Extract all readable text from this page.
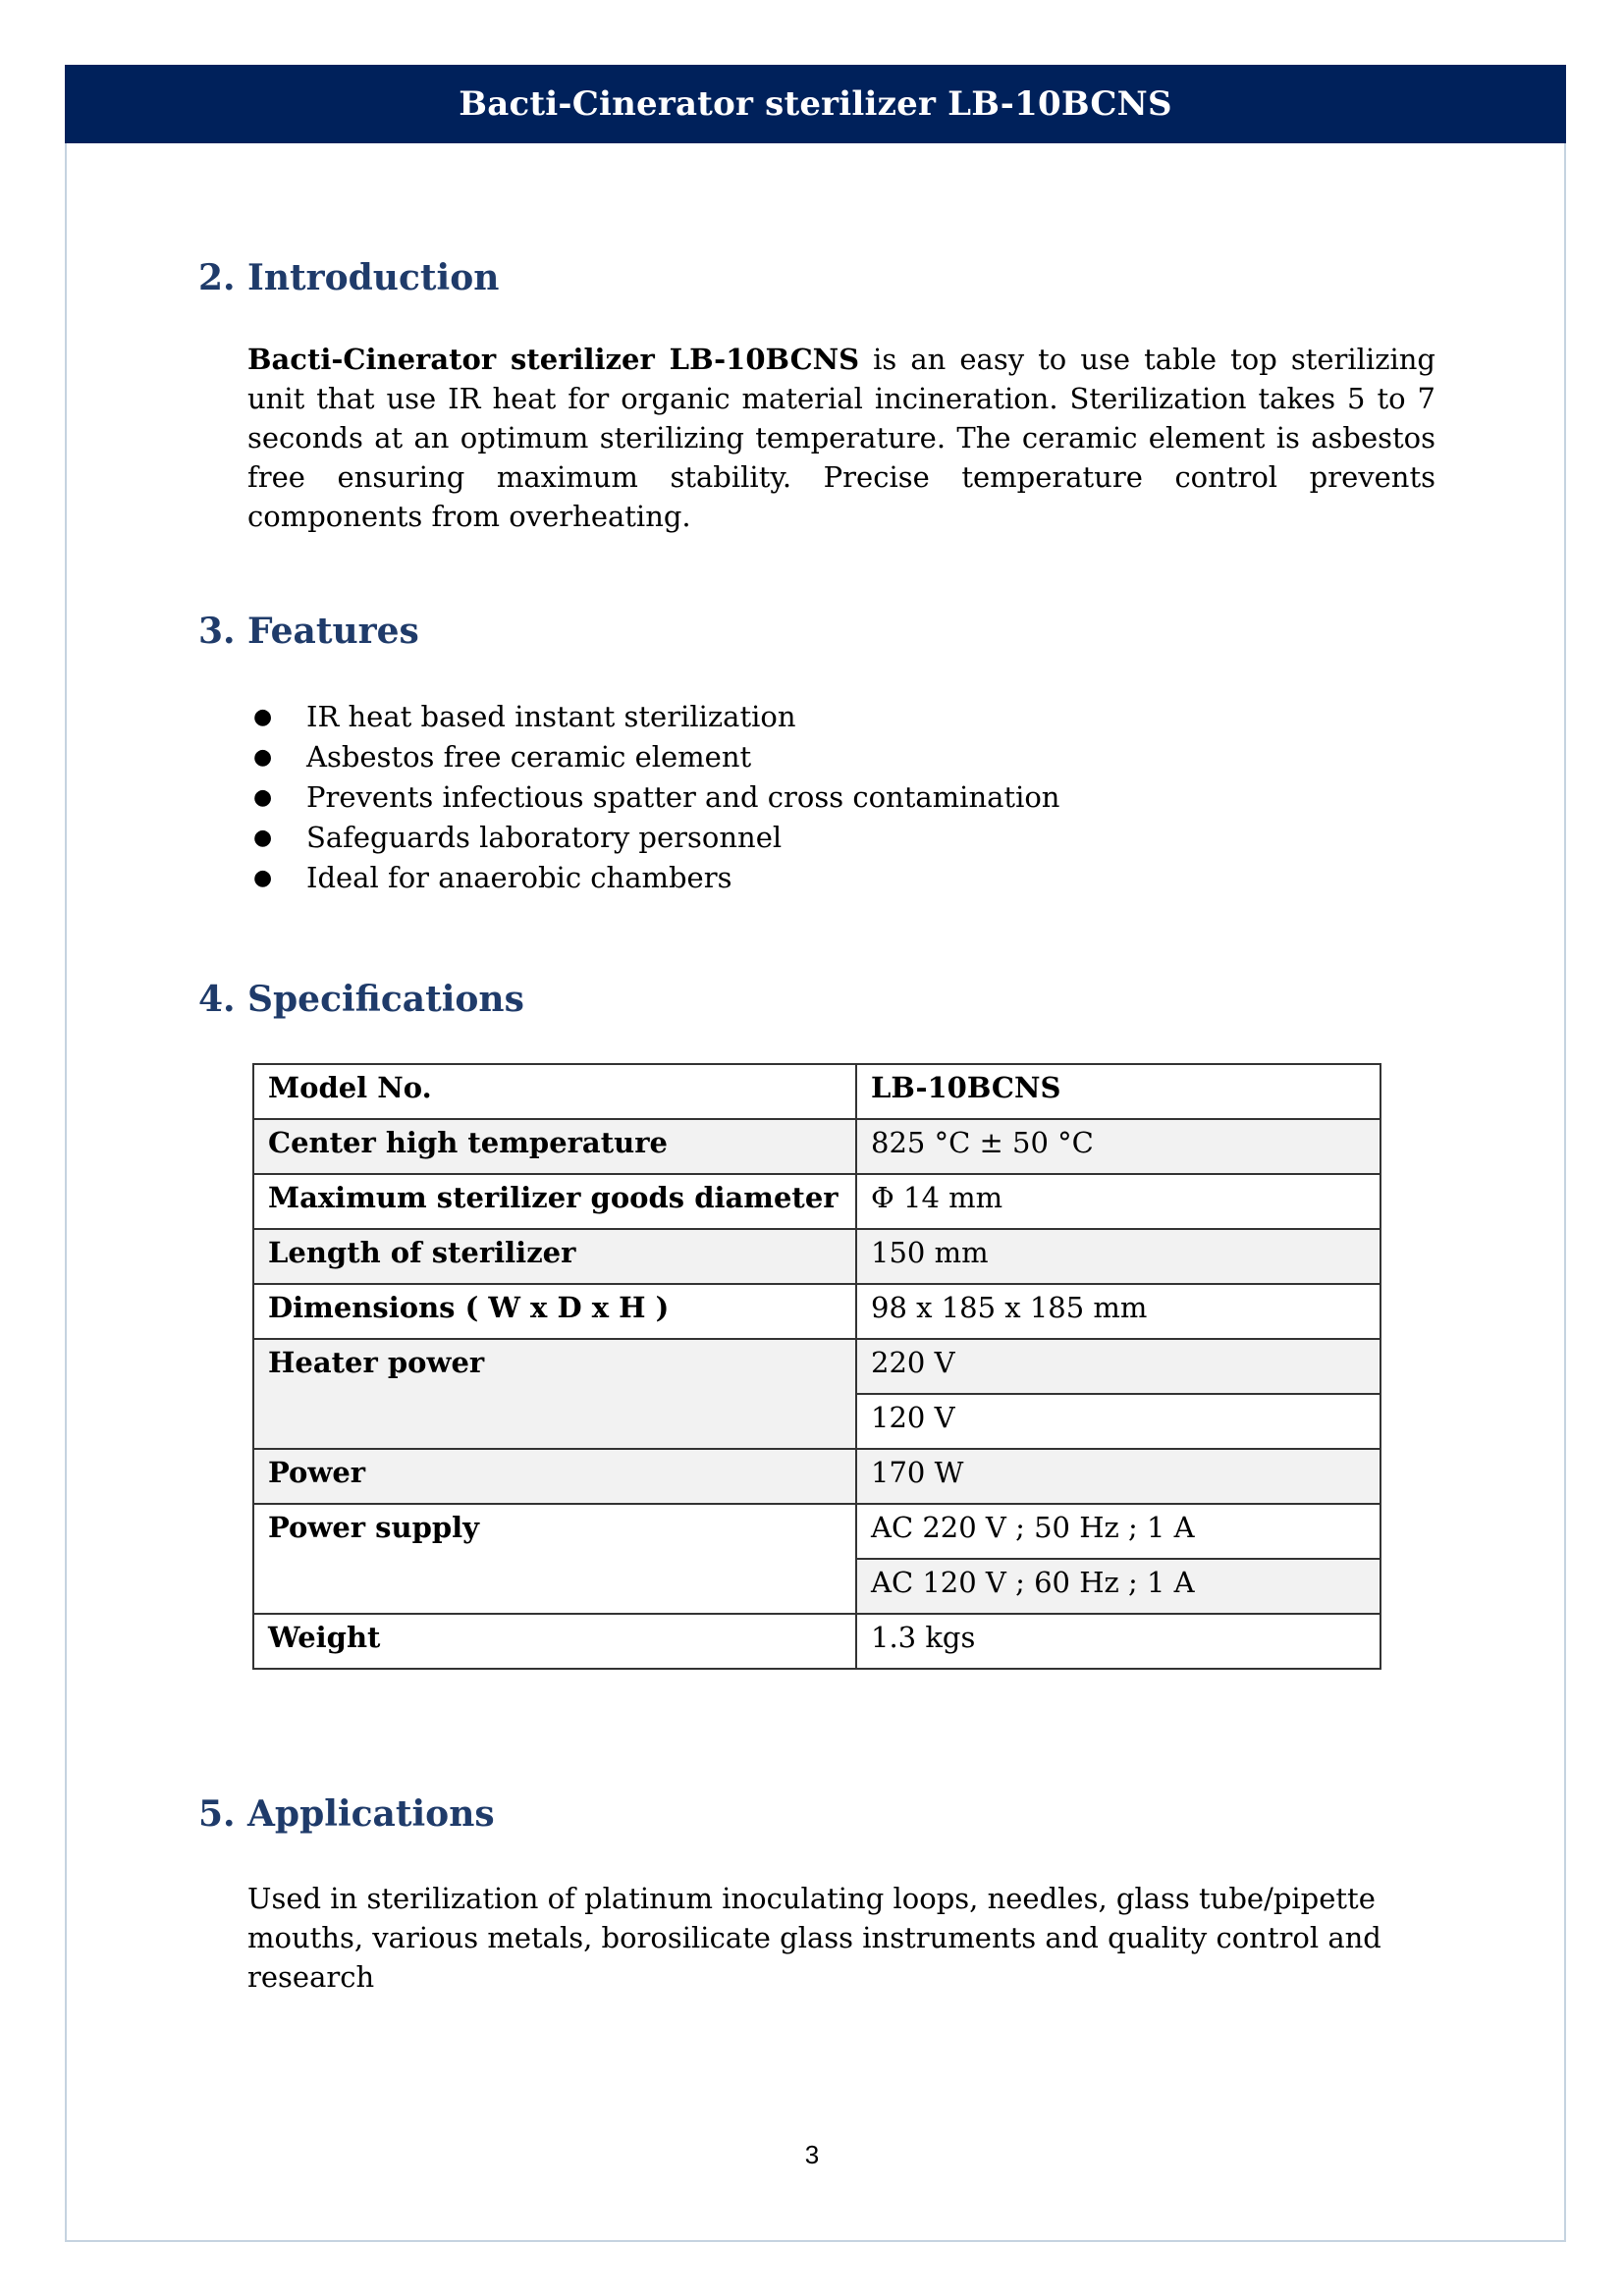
Bacti-Cinerator sterilizer LB-10BCNS
2. Introduction

Bacti-Cinerator sterilizer LB-10BCNS is an easy to use table top sterilizing unit that use IR heat for organic material incineration. Sterilization takes 5 to 7 seconds at an optimum sterilizing temperature. The ceramic element is asbestos free ensuring maximum stability. Precise temperature control prevents components from overheating.

3. Features
●	IR heat based instant sterilization
●	Asbestos free ceramic element
●	Prevents infectious spatter and cross contamination
●	Safeguards laboratory personnel
●	Ideal for anaerobic chambers
4. Specifications
Model No.	LB-10BCNS
Center high temperature	825 °C ± 50 °C
Maximum sterilizer goods diameter	Φ 14 mm
Length of sterilizer	150 mm
Dimensions ( W x D x H )	98 x 185 x 185 mm
Heater power	220 V
	120 V
Power	170 W
Power supply	AC 220 V ; 50 Hz ; 1 A
	AC 120 V ; 60 Hz ; 1 A
Weight	1.3 kgs
5. Applications

Used in sterilization of platinum inoculating loops, needles, glass tube/pipette mouths, various metals, borosilicate glass instruments and quality control and research

3
